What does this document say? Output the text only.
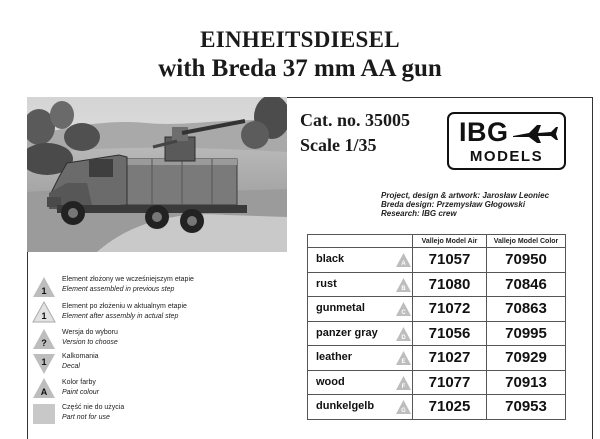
EINHEITSDIESEL
with Breda 37 mm AA gun
Cat. no. 35005
Scale 1/35	IBG
MODELS
Project, design & artwork: Jarosław Leoniec
Breda design: Przemysław Głogowski
Research: IBG crew
	Vallejo Model Air	Vallejo Model Color

black A	71057	70950

rust B	71080	70846

gunmetal C	71072	70863

panzer gray D	71056	70995

leather E	71027	70929

wood F	71077	70913

dunkelgelb G	71025	70953
1
Element złożony we wcześniejszym etapie
Element assembled in previous step
1
Element po złożeniu w aktualnym etapie
Element after assembly in actual step
?
Wersja do wyboru
Version to choose
1
Kalkomania
Decal
A
Kolor farby
Paint colour
Część nie do użycia
Part not for use
